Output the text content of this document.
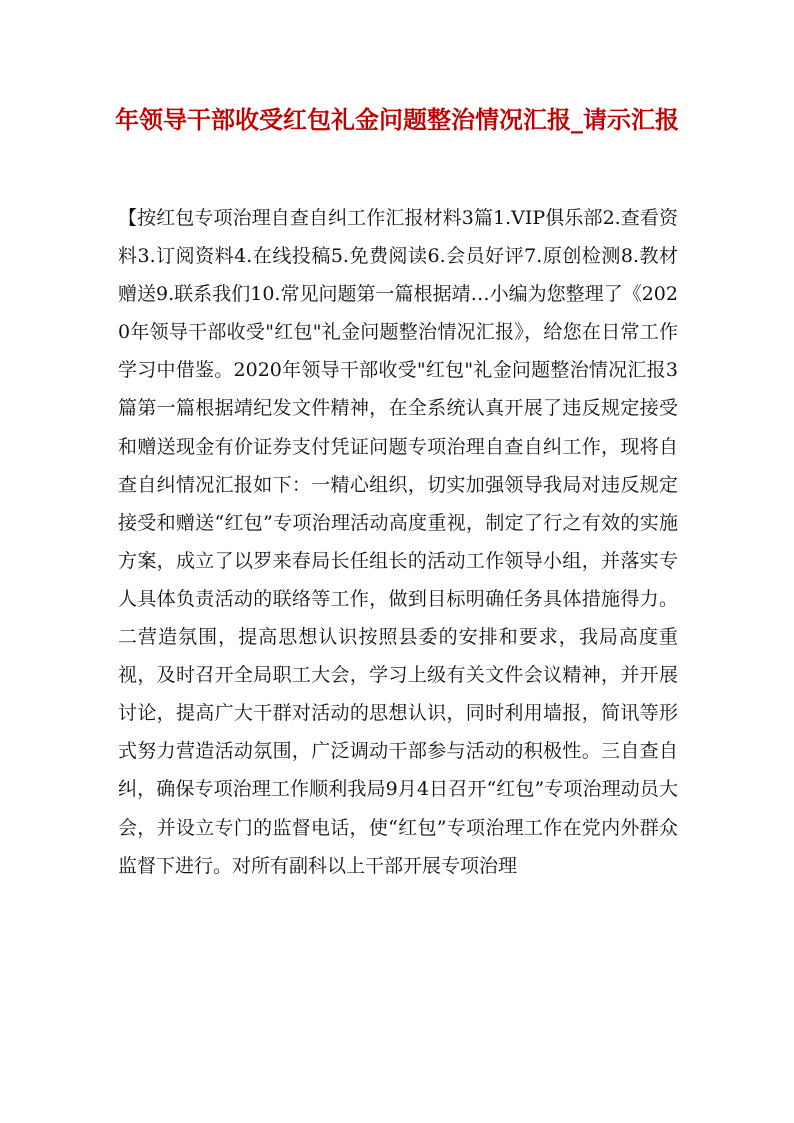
年领导干部收受红包礼金问题整治情况汇报_请示汇报

【按红包专项治理自查自纠工作汇报材料3篇1.VIP俱乐部2.查看资料3.订阅资料4.在线投稿5.免费阅读6.会员好评7.原创检测8.教材赠送9.联系我们10.常见问题第一篇根据靖…小编为您整理了《2020年领导干部收受"红包"礼金问题整治情况汇报》，给您在日常工作学习中借鉴。2020年领导干部收受"红包"礼金问题整治情况汇报3篇第一篇根据靖纪发文件精神，在全系统认真开展了违反规定接受和赠送现金有价证券支付凭证问题专项治理自查自纠工作，现将自查自纠情况汇报如下：一精心组织，切实加强领导我局对违反规定接受和赠送“红包”专项治理活动高度重视，制定了行之有效的实施方案，成立了以罗来春局长任组长的活动工作领导小组，并落实专人具体负责活动的联络等工作，做到目标明确任务具体措施得力。二营造氛围，提高思想认识按照县委的安排和要求，我局高度重视，及时召开全局职工大会，学习上级有关文件会议精神，并开展讨论，提高广大干群对活动的思想认识，同时利用墙报，简讯等形式努力营造活动氛围，广泛调动干部参与活动的积极性。三自查自纠，确保专项治理工作顺利我局9月4日召开“红包”专项治理动员大会，并设立专门的监督电话，使“红包”专项治理工作在党内外群众监督下进行。对所有副科以上干部开展专项治理
